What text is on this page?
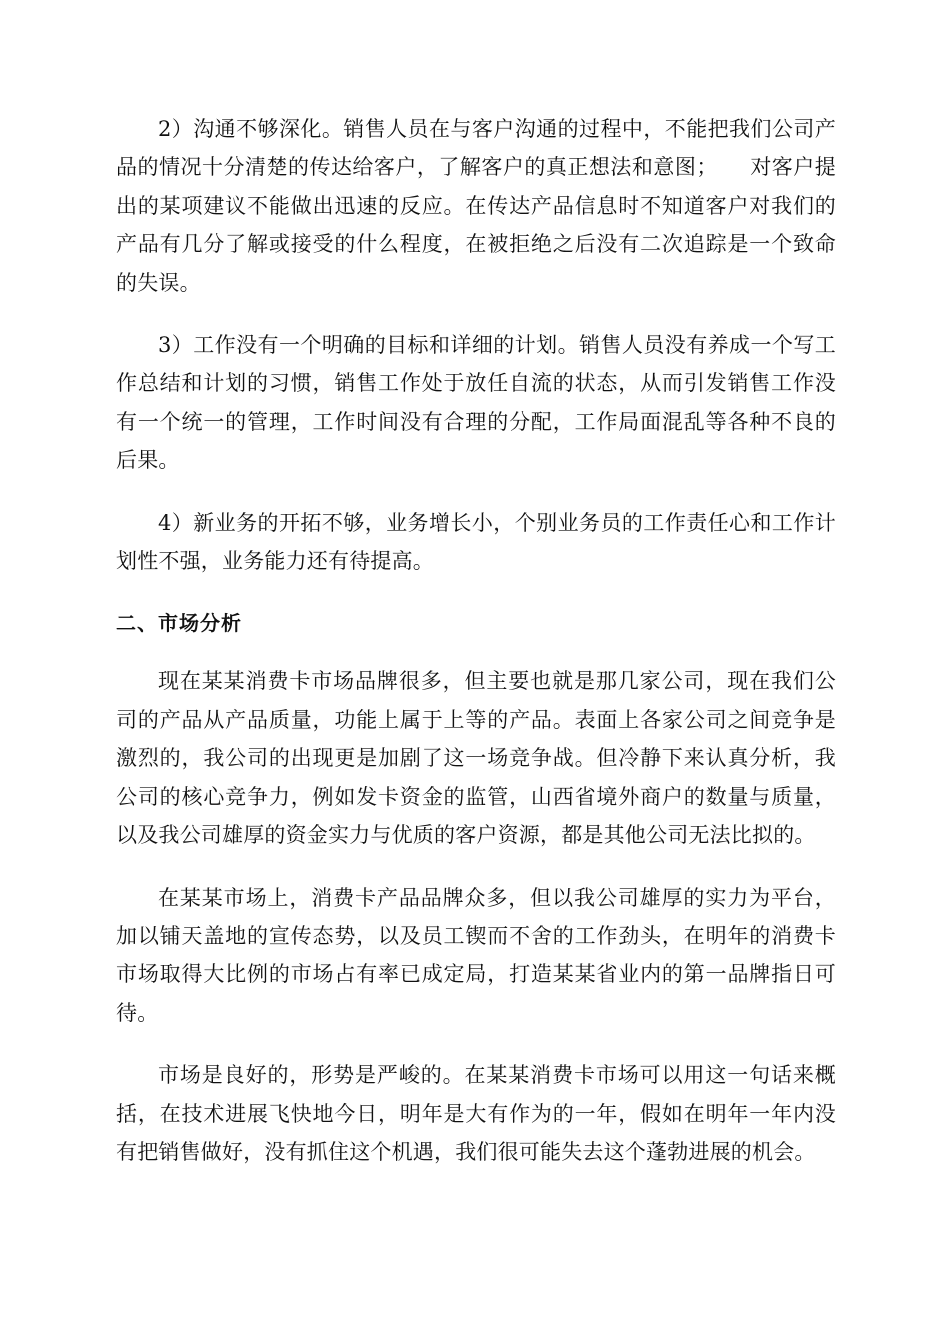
2）沟通不够深化。销售人员在与客户沟通的过程中，不能把我们公司产品的情况十分清楚的传达给客户，了解客户的真正想法和意图；　　对客户提出的某项建议不能做出迅速的反应。在传达产品信息时不知道客户对我们的产品有几分了解或接受的什么程度，在被拒绝之后没有二次追踪是一个致命的失误。

3）工作没有一个明确的目标和详细的计划。销售人员没有养成一个写工作总结和计划的习惯，销售工作处于放任自流的状态，从而引发销售工作没有一个统一的管理，工作时间没有合理的分配，工作局面混乱等各种不良的后果。

4）新业务的开拓不够，业务增长小，个别业务员的工作责任心和工作计划性不强，业务能力还有待提高。

二、市场分析

现在某某消费卡市场品牌很多，但主要也就是那几家公司，现在我们公司的产品从产品质量，功能上属于上等的产品。表面上各家公司之间竞争是激烈的，我公司的出现更是加剧了这一场竞争战。但冷静下来认真分析，我公司的核心竞争力，例如发卡资金的监管，山西省境外商户的数量与质量，以及我公司雄厚的资金实力与优质的客户资源，都是其他公司无法比拟的。

在某某市场上，消费卡产品品牌众多，但以我公司雄厚的实力为平台，加以铺天盖地的宣传态势，以及员工锲而不舍的工作劲头，在明年的消费卡市场取得大比例的市场占有率已成定局，打造某某省业内的第一品牌指日可待。

市场是良好的，形势是严峻的。在某某消费卡市场可以用这一句话来概括，在技术进展飞快地今日，明年是大有作为的一年，假如在明年一年内没有把销售做好，没有抓住这个机遇，我们很可能失去这个蓬勃进展的机会。
